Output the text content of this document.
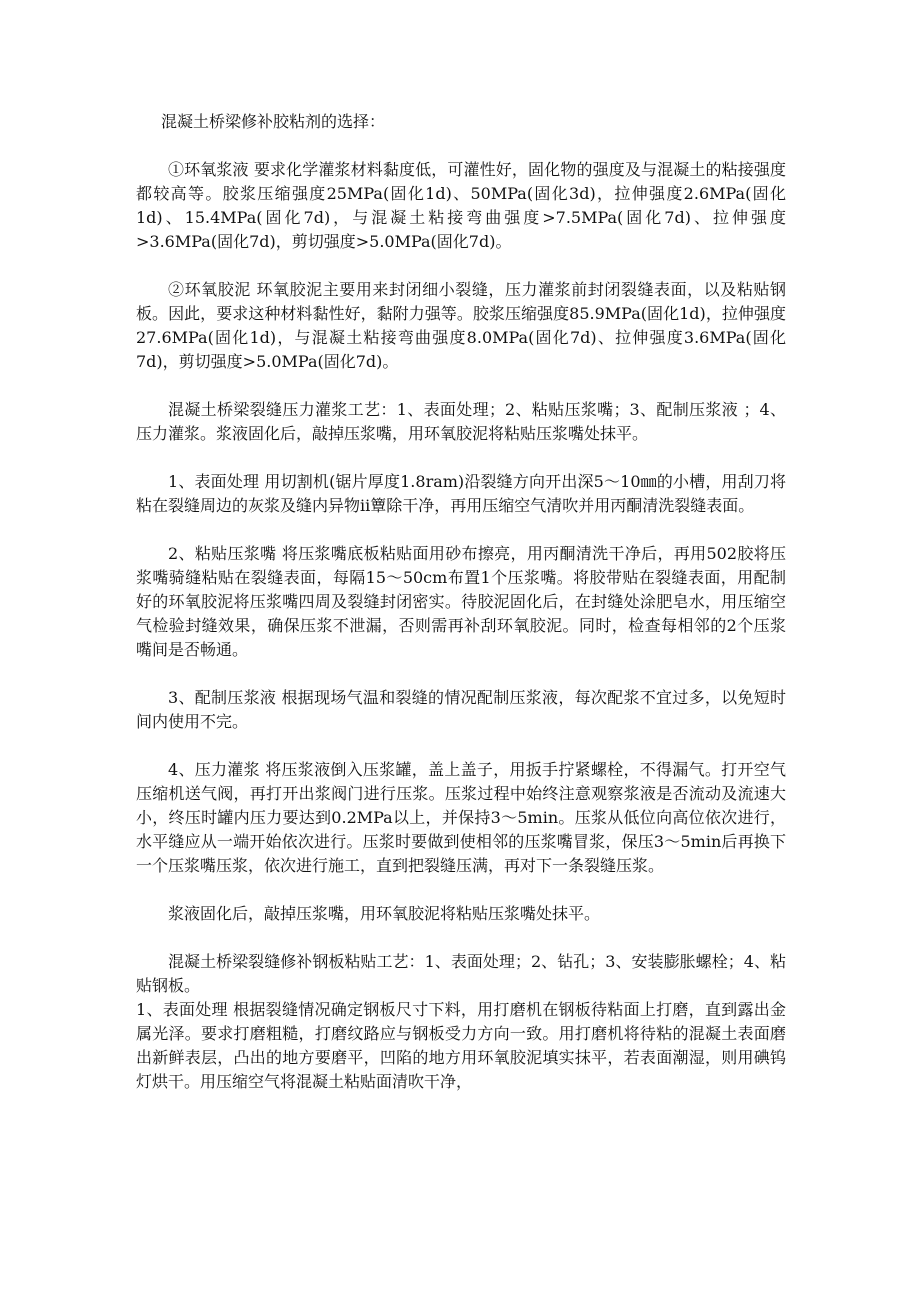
混凝土桥梁修补胶粘剂的选择：

①环氧浆液 要求化学灌浆材料黏度低，可灌性好，固化物的强度及与混凝土的粘接强度都较高等。胶浆压缩强度25MPa(固化1d)、50MPa(固化3d)，拉伸强度2.6MPa(固化1d)、15.4MPa(固化7d)，与混凝土粘接弯曲强度>7.5MPa(固化7d)、拉伸强度>3.6MPa(固化7d)，剪切强度>5.0MPa(固化7d)。

②环氧胶泥 环氧胶泥主要用来封闭细小裂缝，压力灌浆前封闭裂缝表面，以及粘贴钢板。因此，要求这种材料黏性好，黏附力强等。胶浆压缩强度85.9MPa(固化1d)，拉伸强度27.6MPa(固化1d)，与混凝土粘接弯曲强度8.0MPa(固化7d)、拉伸强度3.6MPa(固化7d)，剪切强度>5.0MPa(固化7d)。

混凝土桥梁裂缝压力灌浆工艺：1、表面处理；2、粘贴压浆嘴；3、配制压浆液 ；4、压力灌浆。浆液固化后，敲掉压浆嘴，用环氧胶泥将粘贴压浆嘴处抹平。

1、表面处理 用切割机(锯片厚度1.8ram)沿裂缝方向开出深5～10㎜的小槽，用刮刀将粘在裂缝周边的灰浆及缝内异物ii簟除干净，再用压缩空气清吹并用丙酮清洗裂缝表面。

2、粘贴压浆嘴 将压浆嘴底板粘贴面用砂布擦亮，用丙酮清洗干净后，再用502胶将压浆嘴骑缝粘贴在裂缝表面，每隔15～50cm布置1个压浆嘴。将胶带贴在裂缝表面，用配制好的环氧胶泥将压浆嘴四周及裂缝封闭密实。待胶泥固化后，在封缝处涂肥皂水，用压缩空气检验封缝效果，确保压浆不泄漏，否则需再补刮环氧胶泥。同时，检查每相邻的2个压浆嘴间是否畅通。

3、配制压浆液 根据现场气温和裂缝的情况配制压浆液，每次配浆不宜过多，以免短时间内使用不完。

4、压力灌浆 将压浆液倒入压浆罐，盖上盖子，用扳手拧紧螺栓，不得漏气。打开空气压缩机送气阀，再打开出浆阀门进行压浆。压浆过程中始终注意观察浆液是否流动及流速大小，终压时罐内压力要达到0.2MPa以上，并保持3～5min。压浆从低位向高位依次进行，水平缝应从一端开始依次进行。压浆时要做到使相邻的压浆嘴冒浆，保压3～5min后再换下一个压浆嘴压浆，依次进行施工，直到把裂缝压满，再对下一条裂缝压浆。

浆液固化后，敲掉压浆嘴，用环氧胶泥将粘贴压浆嘴处抹平。

混凝土桥梁裂缝修补钢板粘贴工艺：1、表面处理；2、钻孔；3、安装膨胀螺栓；4、粘贴钢板。

1、表面处理 根据裂缝情况确定钢板尺寸下料，用打磨机在钢板待粘面上打磨，直到露出金属光泽。要求打磨粗糙，打磨纹路应与钢板受力方向一致。用打磨机将待粘的混凝土表面磨出新鲜表层，凸出的地方要磨平，凹陷的地方用环氧胶泥填实抹平，若表面潮湿，则用碘钨灯烘干。用压缩空气将混凝土粘贴面清吹干净，
